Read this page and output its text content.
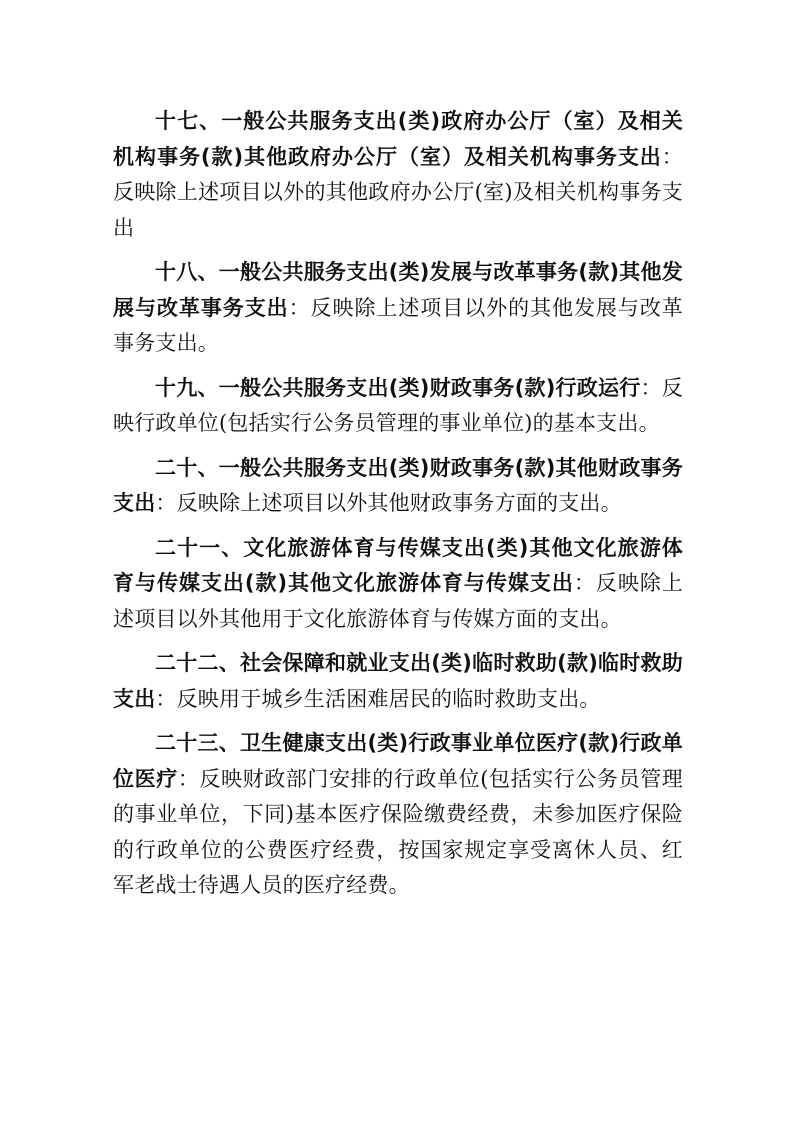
十七、一般公共服务支出(类)政府办公厅（室）及相关机构事务(款)其他政府办公厅（室）及相关机构事务支出：反映除上述项目以外的其他政府办公厅(室)及相关机构事务支出

十八、一般公共服务支出(类)发展与改革事务(款)其他发展与改革事务支出：反映除上述项目以外的其他发展与改革事务支出。

十九、一般公共服务支出(类)财政事务(款)行政运行：反映行政单位(包括实行公务员管理的事业单位)的基本支出。

二十、一般公共服务支出(类)财政事务(款)其他财政事务支出：反映除上述项目以外其他财政事务方面的支出。

二十一、文化旅游体育与传媒支出(类)其他文化旅游体育与传媒支出(款)其他文化旅游体育与传媒支出：反映除上述项目以外其他用于文化旅游体育与传媒方面的支出。

二十二、社会保障和就业支出(类)临时救助(款)临时救助支出：反映用于城乡生活困难居民的临时救助支出。

二十三、卫生健康支出(类)行政事业单位医疗(款)行政单位医疗：反映财政部门安排的行政单位(包括实行公务员管理的事业单位，下同)基本医疗保险缴费经费，未参加医疗保险的行政单位的公费医疗经费，按国家规定享受离休人员、红军老战士待遇人员的医疗经费。
